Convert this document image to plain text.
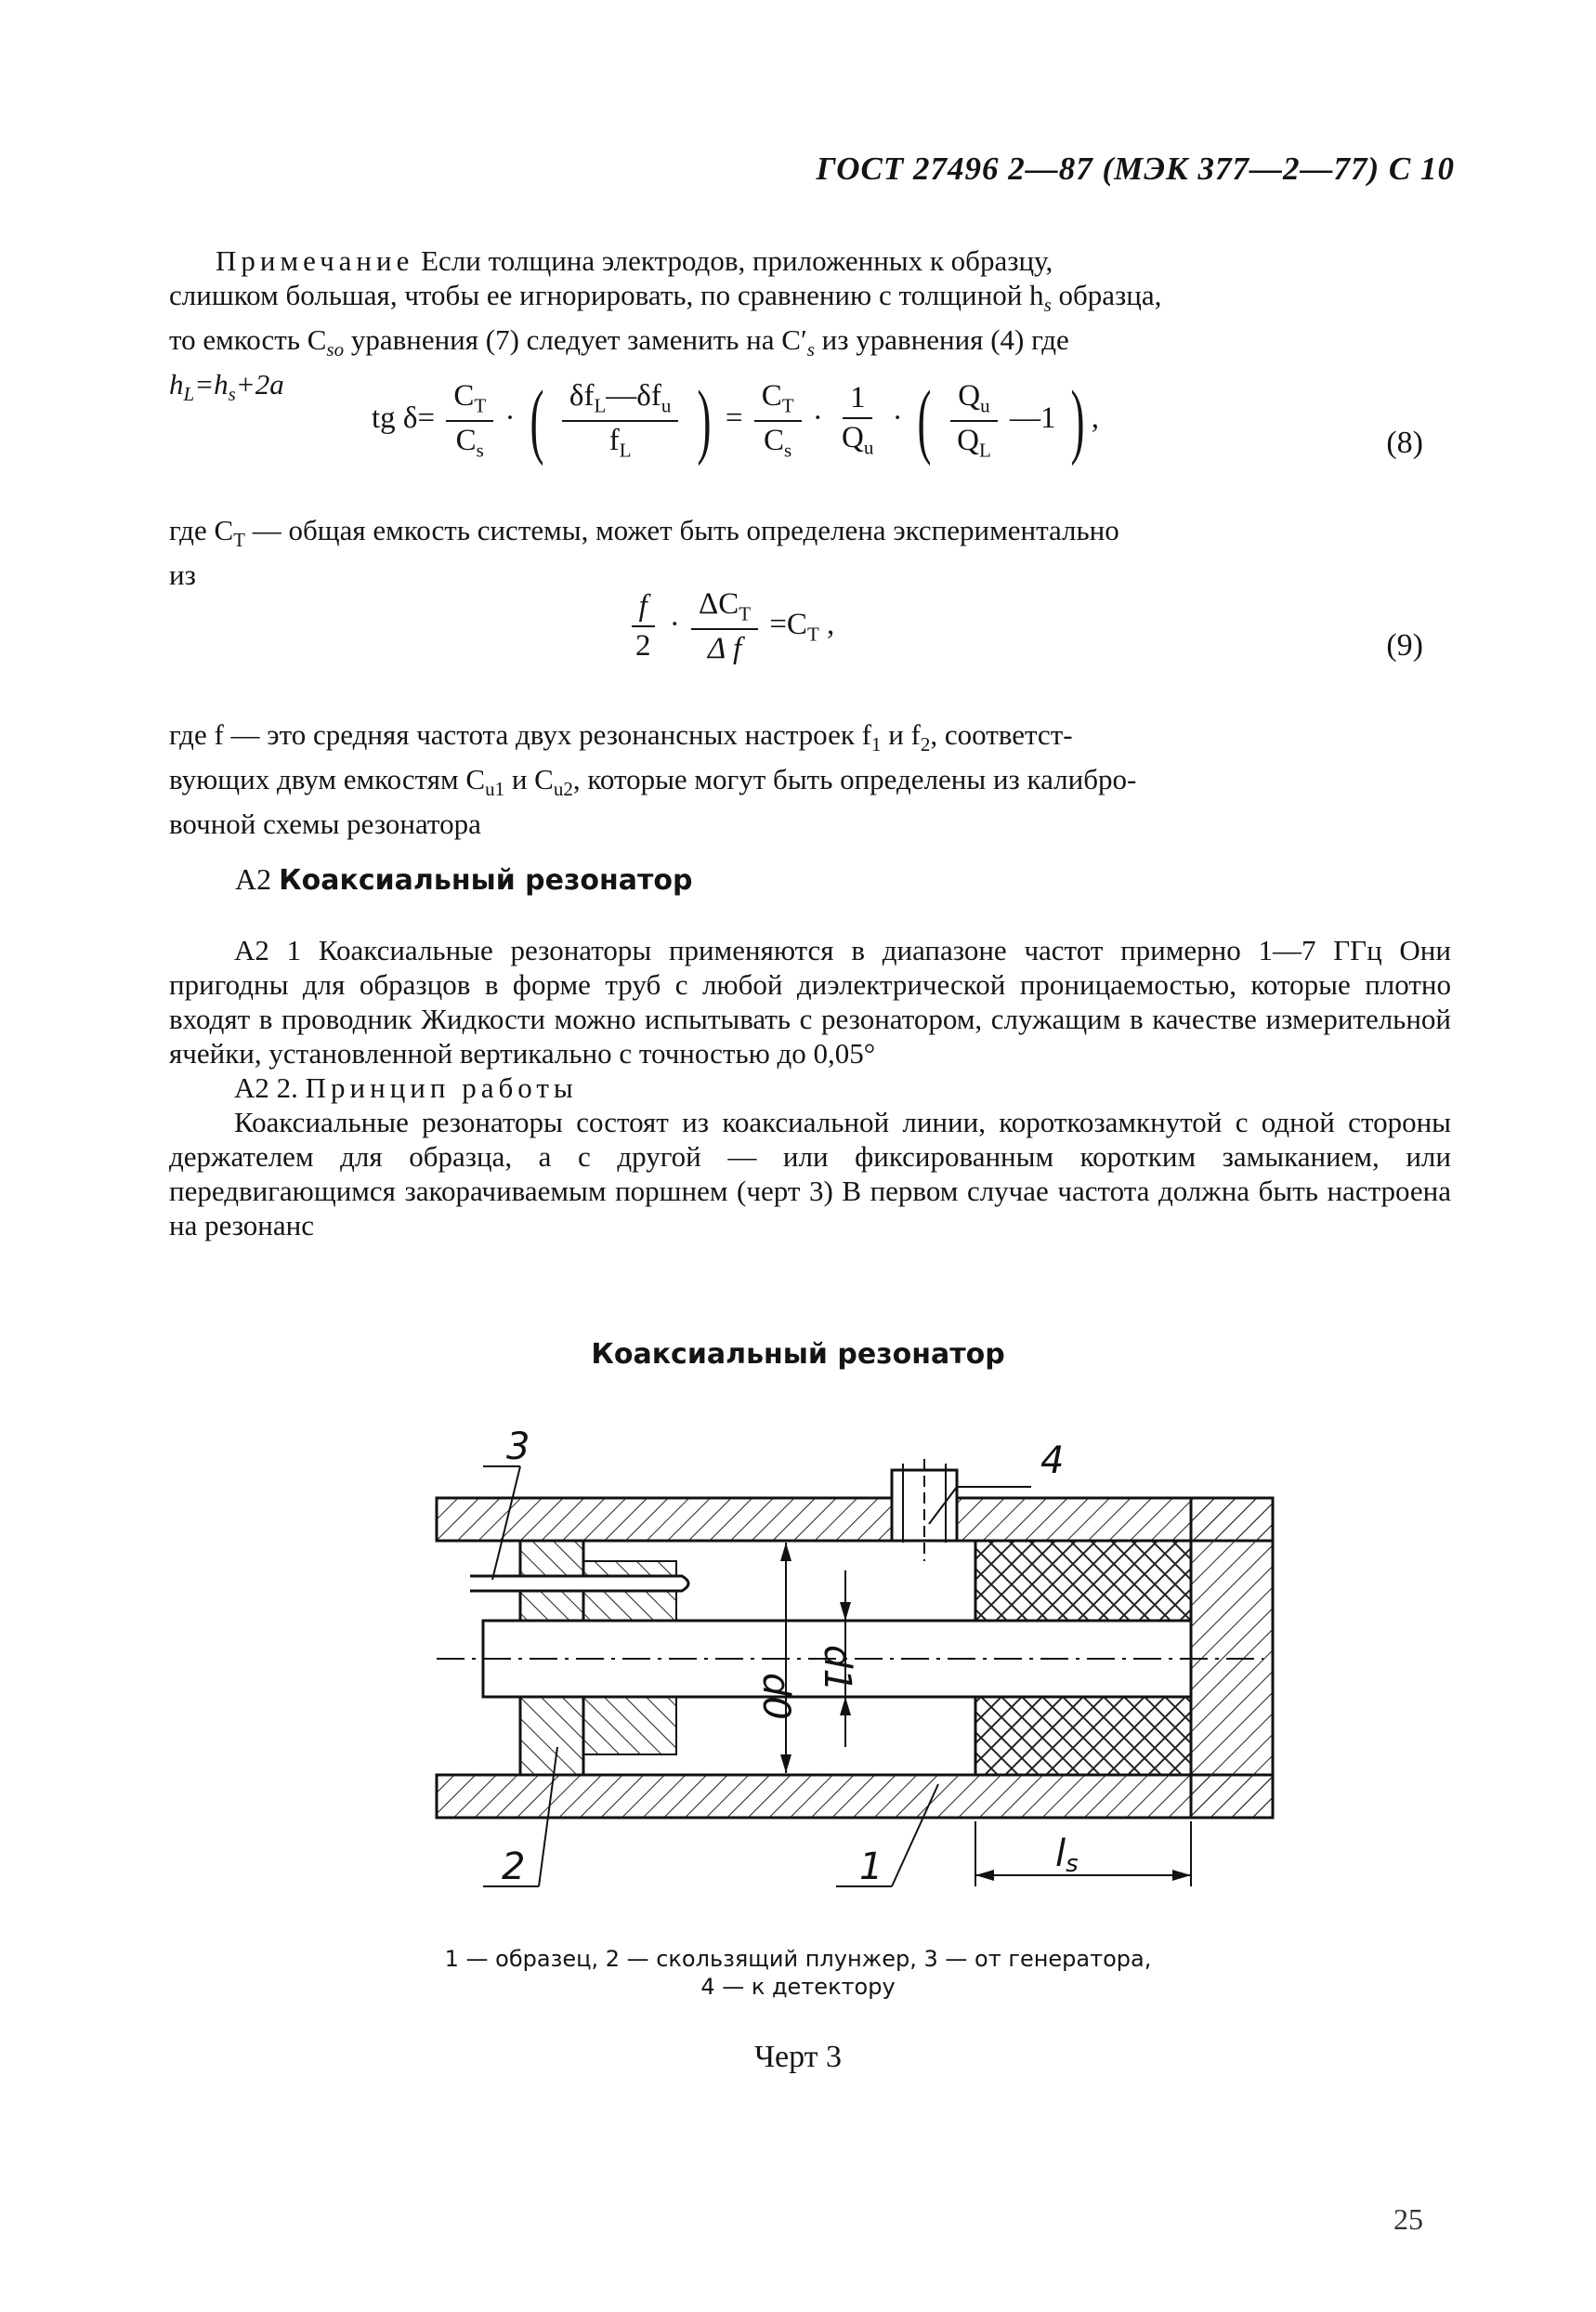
ГОСТ 27496 2—87 (МЭК 377—2—77) С 10
Примечание Если толщина электродов, приложенных к образцу,
слишком большая, чтобы ее игнорировать, по сравнению с толщиной $h_s$ образца,
то емкость $C_{so}$ уравнения (7) следует заменить на $C'_s$ из уравнения (4) где
$h_L=h_s+2a$
tg $\delta= \frac{C_T}{C_s}$ · ( $\frac{\delta f_L—\delta f_u}{f_L}$ ) = $\frac{C_T}{C_s} \cdot \frac{1}{Q_u}$ · ( $\frac{Q_u}{Q_L}$ —1 ) ,
(8)
где $C_T$ — общая емкость системы, может быть определена экспериментально
из
$\frac{f}{2} \cdot \frac{\Delta C_T}{\text{Δ f}} =C_T$ ,
(9)
где f — это средняя частота двух резонансных настроек $f_1$ и $f_2$, соответст-
вующих двум емкостям $C_{u1}$ и $C_{u2}$, которые могут быть определены из калибро-
вочной схемы резонатора
А2 Коаксиальный резонатор
А2 1 Коаксиальные резонаторы применяются в диапазоне частот примерно 1—7 ГГц Они пригодны для образцов в форме труб с любой диэлектрической проницаемостью, которые плотно входят в проводник Жидкости можно испытывать с резонатором, служащим в качестве измерительной ячейки, установленной вертикально с точностью до 0,05°
А2 2. Принцип работы
Коаксиальные резонаторы состоят из коаксиальной линии, короткозамкнутой с одной стороны держателем для образца, а с другой — или фиксированным коротким замыканием, или передвигающимся закорачиваемым поршнем (черт 3) В первом случае частота должна быть настроена на резонанс
Коаксиальный резонатор
3	4
2	1	ls
d0
d1
1 — образец, 2 — скользящий плунжер, 3 — от генератора,
4 — к детектору
Черт 3
25
